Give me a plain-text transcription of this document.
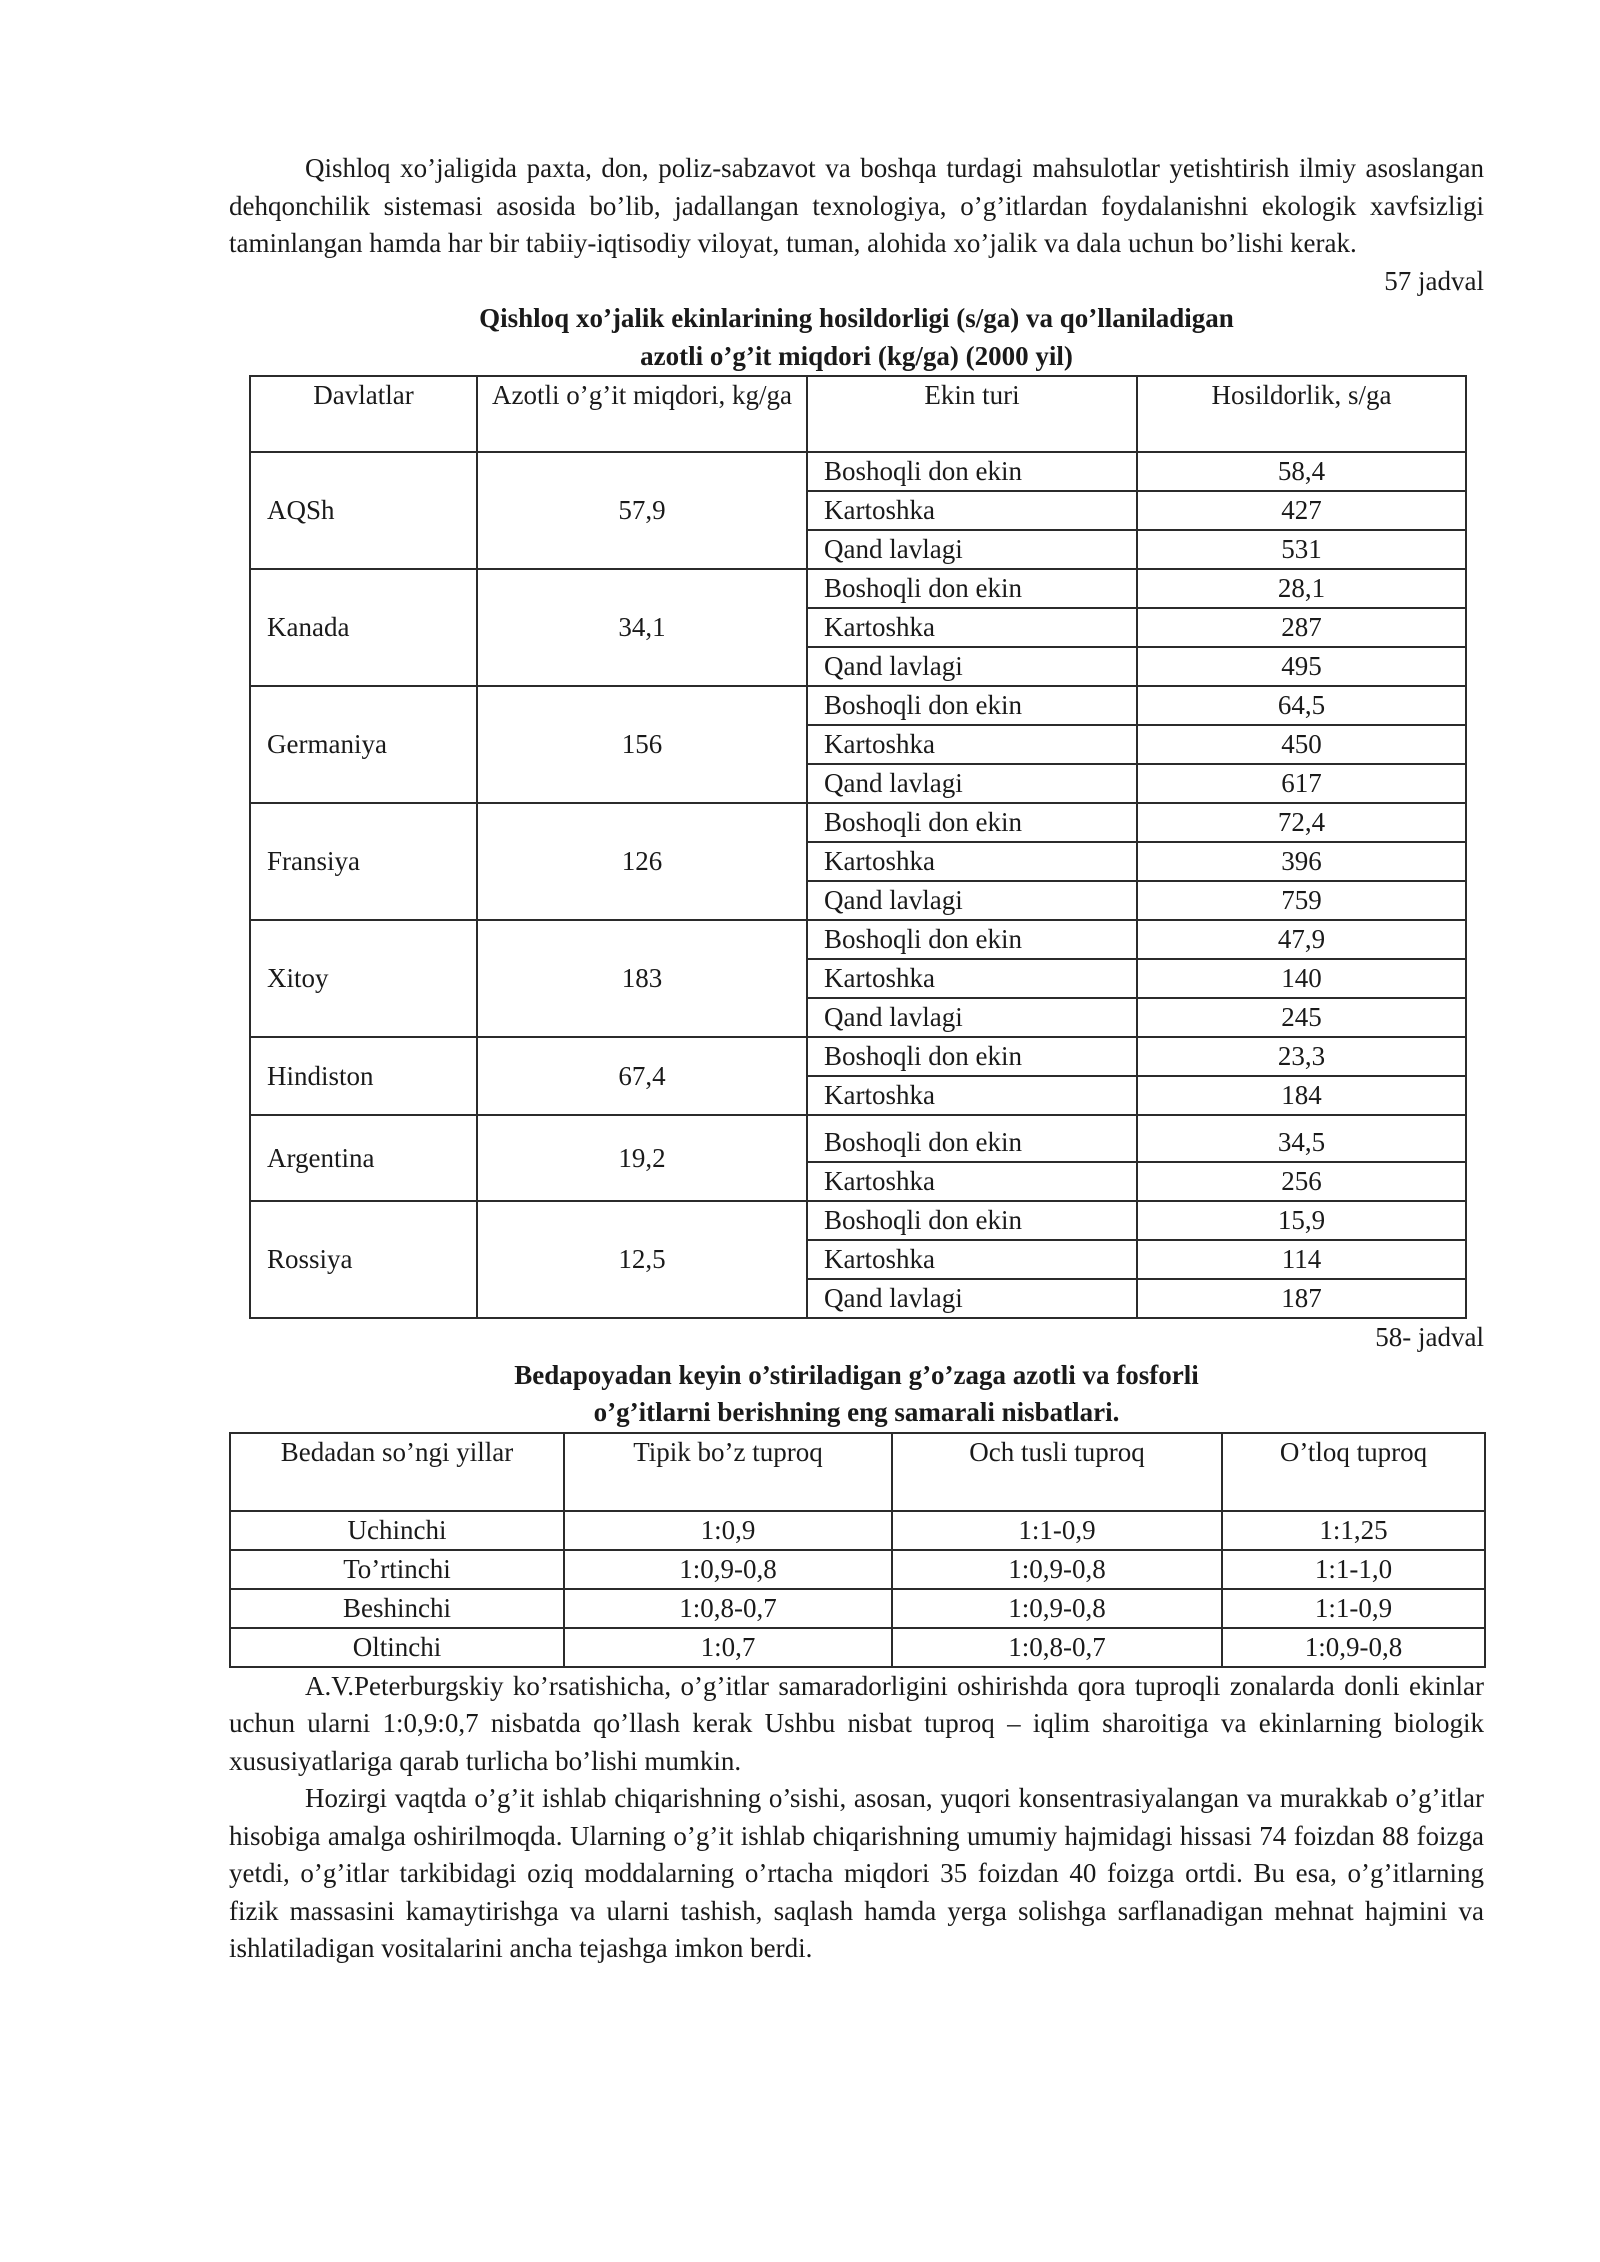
Qishloq xo’jaligida paxta, don, poliz-sabzavot va boshqa turdagi mahsulotlar yetishtirish ilmiy asoslangan dehqonchilik sistemasi asosida bo’lib, jadallangan texnologiya, o’g’itlardan foydalanishni ekologik xavfsizligi taminlangan hamda har bir tabiiy-iqtisodiy viloyat, tuman, alohida xo’jalik va dala uchun bo’lishi kerak.

57 jadval

Qishloq xo’jalik ekinlarining hosildorligi (s/ga) va qo’llaniladigan

azotli o’g’it miqdori (kg/ga) (2000 yil)

Davlatlar	Azotli o’g’it miqdori, kg/ga	Ekin turi	Hosildorlik, s/ga
AQSh	57,9	Boshoqli don ekin	58,4
		Kartoshka	427
		Qand lavlagi	531
Kanada	34,1	Boshoqli don ekin	28,1
		Kartoshka	287
		Qand lavlagi	495
Germaniya	156	Boshoqli don ekin	64,5
		Kartoshka	450
		Qand lavlagi	617
Fransiya	126	Boshoqli don ekin	72,4
		Kartoshka	396
		Qand lavlagi	759
Xitoy	183	Boshoqli don ekin	47,9
		Kartoshka	140
		Qand lavlagi	245
Hindiston	67,4	Boshoqli don ekin	23,3
		Kartoshka	184
Argentina	19,2	Boshoqli don ekin	34,5
		Kartoshka	256
Rossiya	12,5	Boshoqli don ekin	15,9
		Kartoshka	114
		Qand lavlagi	187
58- jadval

Bedapoyadan keyin o’stiriladigan g’o’zaga azotli va fosforli

o’g’itlarni berishning eng samarali nisbatlari.

Bedadan so’ngi yillar	Tipik bo’z tuproq	Och tusli tuproq	O’tloq tuproq
Uchinchi	1:0,9	1:1-0,9	1:1,25
To’rtinchi	1:0,9-0,8	1:0,9-0,8	1:1-1,0
Beshinchi	1:0,8-0,7	1:0,9-0,8	1:1-0,9
Oltinchi	1:0,7	1:0,8-0,7	1:0,9-0,8

A.V.Peterburgskiy ko’rsatishicha, o’g’itlar samaradorligini oshirishda qora tuproqli zonalarda donli ekinlar uchun ularni 1:0,9:0,7 nisbatda qo’llash kerak Ushbu nisbat tuproq – iqlim sharoitiga va ekinlarning biologik xususiyatlariga qarab turlicha bo’lishi mumkin.

Hozirgi vaqtda o’g’it ishlab chiqarishning o’sishi, asosan, yuqori konsentrasiyalangan va murakkab o’g’itlar hisobiga amalga oshirilmoqda. Ularning o’g’it ishlab chiqarishning umumiy hajmidagi hissasi 74 foizdan 88 foizga yetdi, o’g’itlar tarkibidagi oziq moddalarning o’rtacha miqdori 35 foizdan 40 foizga ortdi. Bu esa, o’g’itlarning fizik massasini kamaytirishga va ularni tashish, saqlash hamda yerga solishga sarflanadigan mehnat hajmini va ishlatiladigan vositalarini ancha tejashga imkon berdi.
